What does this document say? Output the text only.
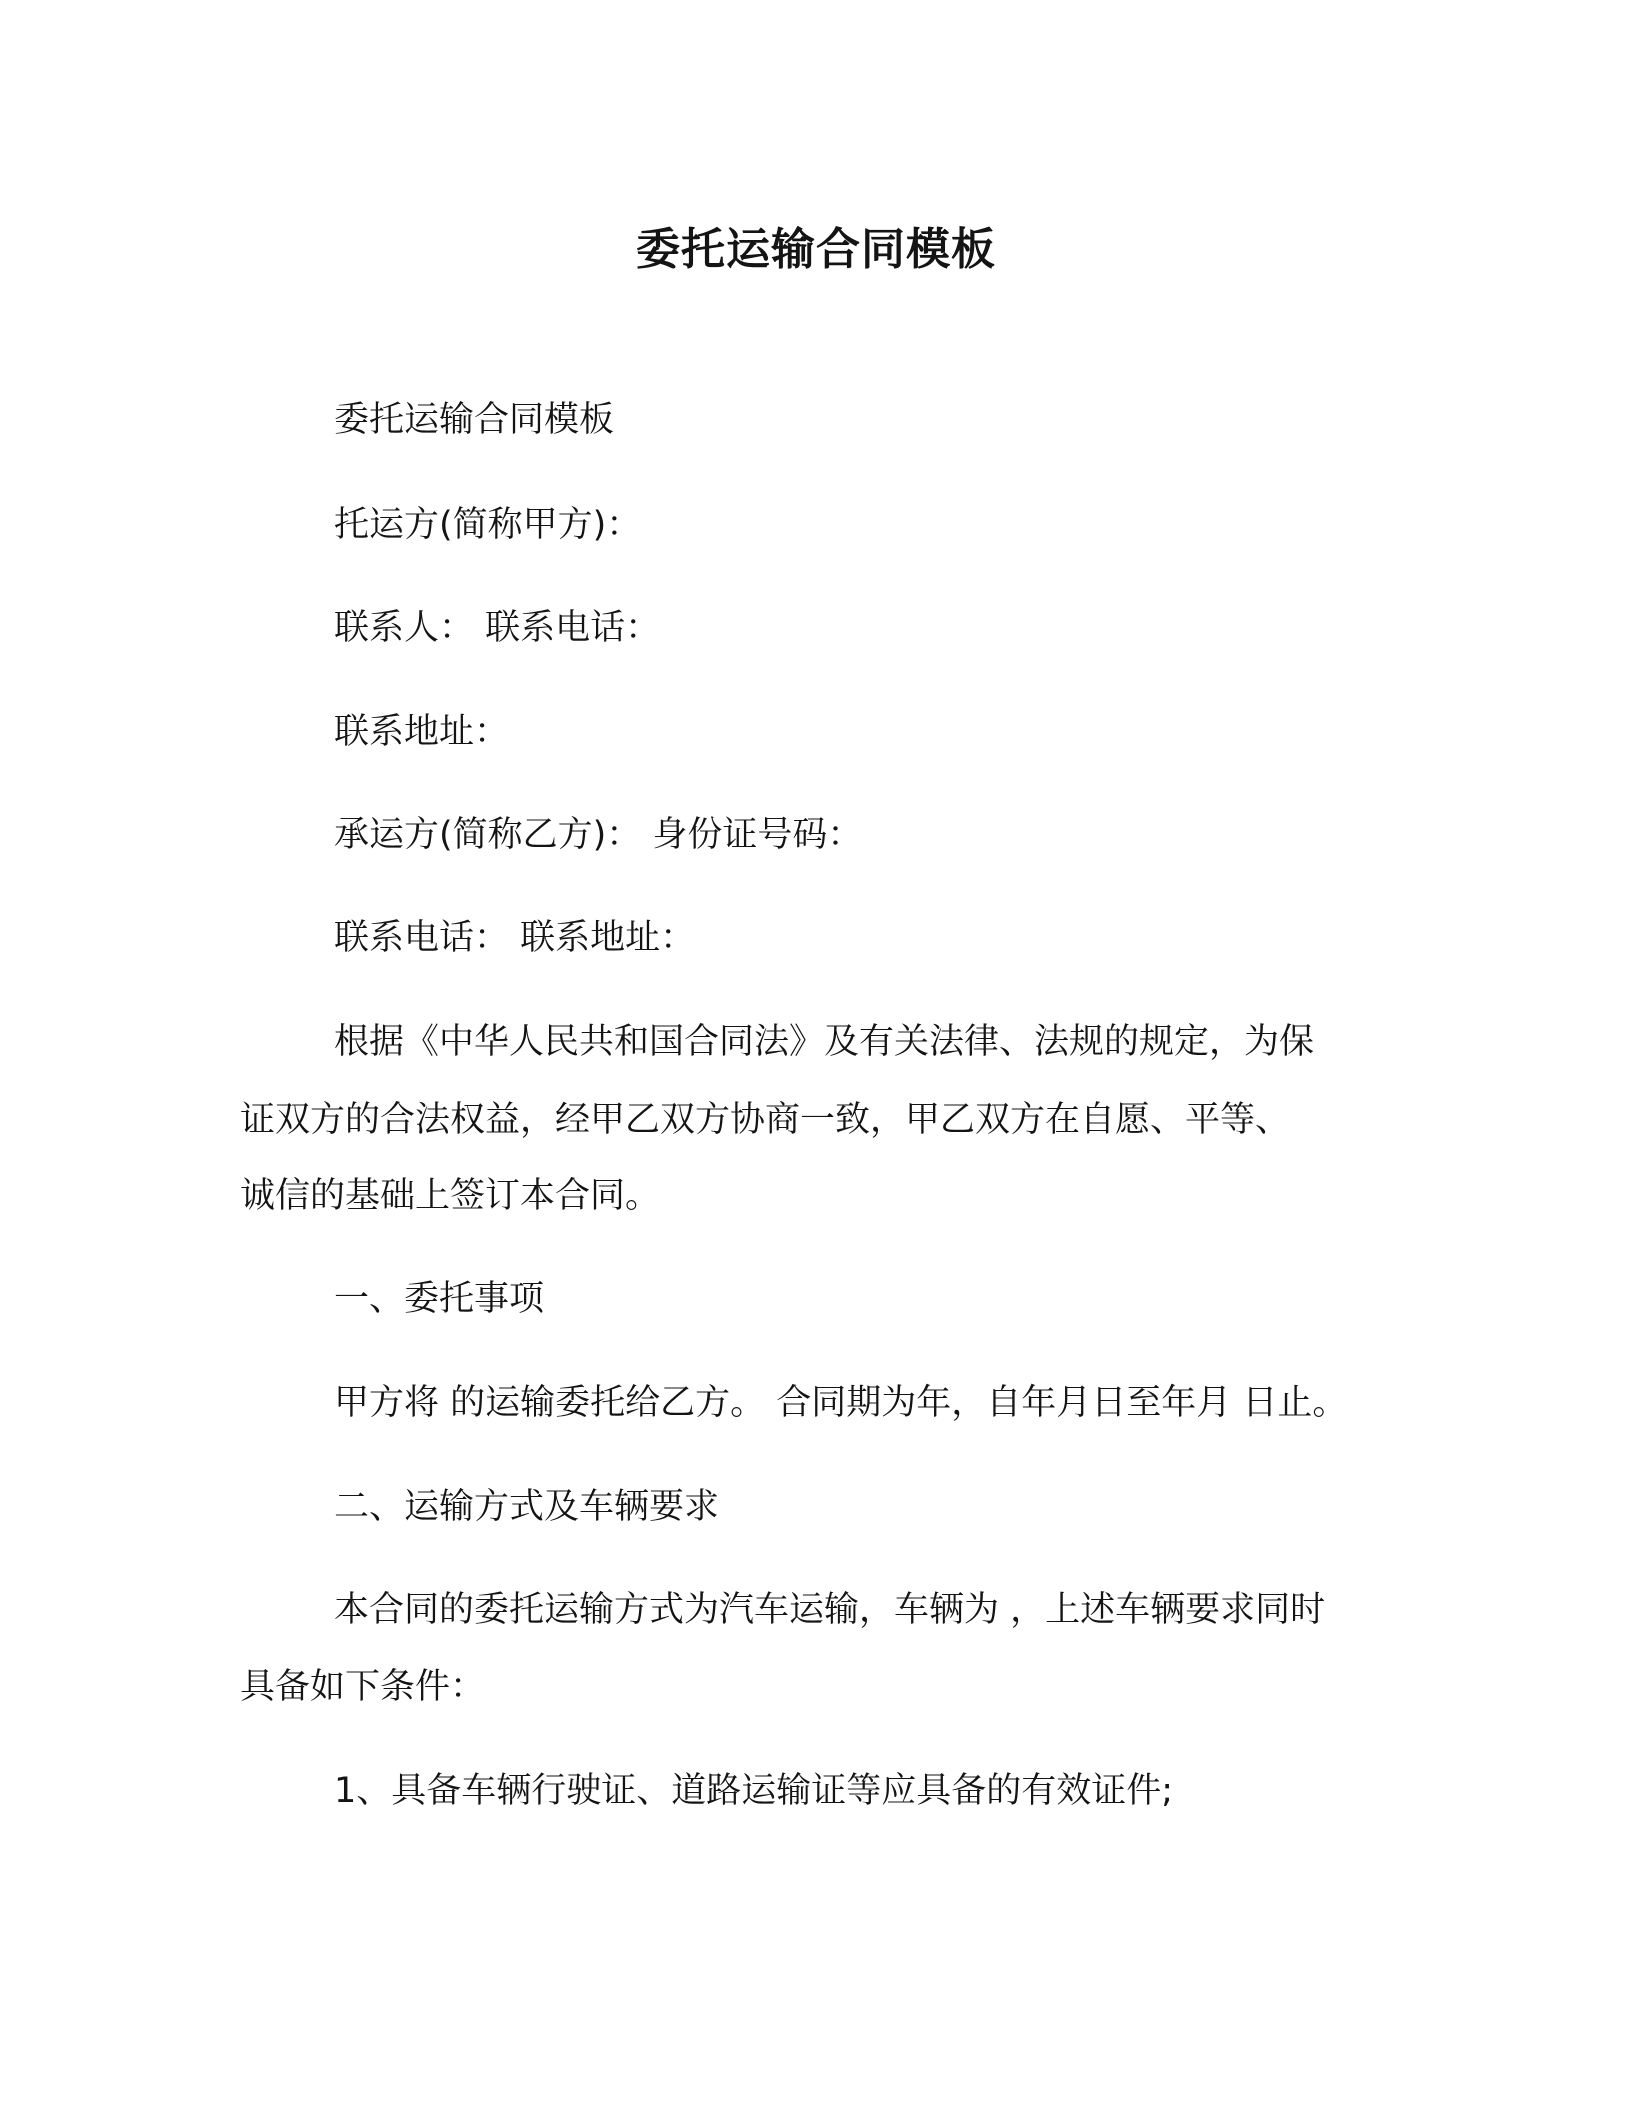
委托运输合同模板
委托运输合同模板
托运方(简称甲方)：
联系人： 联系电话：
联系地址：
承运方(简称乙方)： 身份证号码：
联系电话： 联系地址：
根据《中华人民共和国合同法》及有关法律、法规的规定，为保
证双方的合法权益，经甲乙双方协商一致，甲乙双方在自愿、平等、
诚信的基础上签订本合同。
一、委托事项
甲方将 的运输委托给乙方。 合同期为年，自年月日至年月 日止。
二、运输方式及车辆要求
本合同的委托运输方式为汽车运输，车辆为 ，上述车辆要求同时
具备如下条件：
1、具备车辆行驶证、道路运输证等应具备的有效证件;
